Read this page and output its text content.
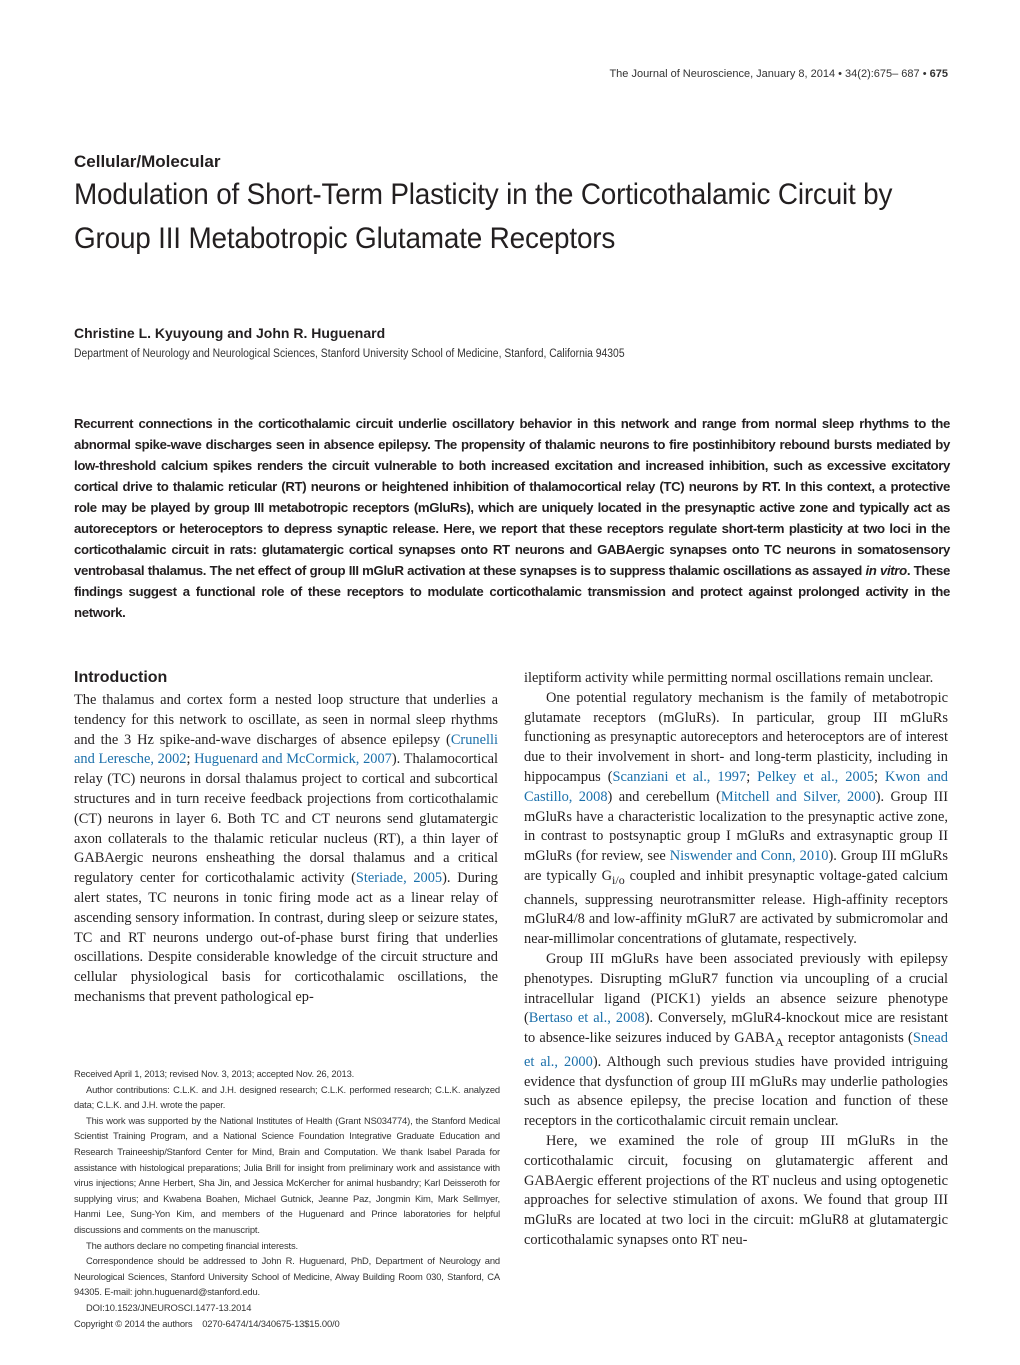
The Journal of Neuroscience, January 8, 2014 • 34(2):675– 687 • 675
Cellular/Molecular
Modulation of Short-Term Plasticity in the Corticothalamic Circuit by Group III Metabotropic Glutamate Receptors
Christine L. Kyuyoung and John R. Huguenard
Department of Neurology and Neurological Sciences, Stanford University School of Medicine, Stanford, California 94305

Recurrent connections in the corticothalamic circuit underlie oscillatory behavior in this network and range from normal sleep rhythms to the abnormal spike-wave discharges seen in absence epilepsy. The propensity of thalamic neurons to fire postinhibitory rebound bursts mediated by low-threshold calcium spikes renders the circuit vulnerable to both increased excitation and increased inhibition, such as excessive excitatory cortical drive to thalamic reticular (RT) neurons or heightened inhibition of thalamocortical relay (TC) neurons by RT. In this context, a protective role may be played by group III metabotropic receptors (mGluRs), which are uniquely located in the presynaptic active zone and typically act as autoreceptors or heteroceptors to depress synaptic release. Here, we report that these receptors regulate short-term plasticity at two loci in the corticothalamic circuit in rats: glutamatergic cortical synapses onto RT neurons and GABAergic synapses onto TC neurons in somatosensory ventrobasal thalamus. The net effect of group III mGluR activation at these synapses is to suppress thalamic oscillations as assayed in vitro. These findings suggest a functional role of these receptors to modulate corticothalamic transmission and protect against prolonged activity in the network.

Introduction

The thalamus and cortex form a nested loop structure that underlies a tendency for this network to oscillate, as seen in normal sleep rhythms and the 3 Hz spike-and-wave discharges of absence epilepsy (Crunelli and Leresche, 2002; Huguenard and McCormick, 2007). Thalamocortical relay (TC) neurons in dorsal thalamus project to cortical and subcortical structures and in turn receive feedback projections from corticothalamic (CT) neurons in layer 6. Both TC and CT neurons send glutamatergic axon collaterals to the thalamic reticular nucleus (RT), a thin layer of GABAergic neurons ensheathing the dorsal thalamus and a critical regulatory center for corticothalamic activity (Steriade, 2005). During alert states, TC neurons in tonic firing mode act as a linear relay of ascending sensory information. In contrast, during sleep or seizure states, TC and RT neurons undergo out-of-phase burst firing that underlies oscillations. Despite considerable knowledge of the circuit structure and cellular physiological basis for corticothalamic oscillations, the mechanisms that prevent pathological ep-

ileptiform activity while permitting normal oscillations remain unclear.

One potential regulatory mechanism is the family of metabotropic glutamate receptors (mGluRs). In particular, group III mGluRs functioning as presynaptic autoreceptors and heteroceptors are of interest due to their involvement in short- and long-term plasticity, including in hippocampus (Scanziani et al., 1997; Pelkey et al., 2005; Kwon and Castillo, 2008) and cerebellum (Mitchell and Silver, 2000). Group III mGluRs have a characteristic localization to the presynaptic active zone, in contrast to postsynaptic group I mGluRs and extrasynaptic group II mGluRs (for review, see Niswender and Conn, 2010). Group III mGluRs are typically $G_{i/o}$ coupled and inhibit presynaptic voltage-gated calcium channels, suppressing neurotransmitter release. High-affinity receptors mGluR4/8 and low-affinity mGluR7 are activated by submicromolar and near-millimolar concentrations of glutamate, respectively.

Group III mGluRs have been associated previously with epilepsy phenotypes. Disrupting mGluR7 function via uncoupling of a crucial intracellular ligand (PICK1) yields an absence seizure phenotype (Bertaso et al., 2008). Conversely, mGluR4-knockout mice are resistant to absence-like seizures induced by $GABA_A$ receptor antagonists (Snead et al., 2000). Although such previous studies have provided intriguing evidence that dysfunction of group III mGluRs may underlie pathologies such as absence epilepsy, the precise location and function of these receptors in the corticothalamic circuit remain unclear.

Here, we examined the role of group III mGluRs in the corticothalamic circuit, focusing on glutamatergic afferent and GABAergic efferent projections of the RT nucleus and using optogenetic approaches for selective stimulation of axons. We found that group III mGluRs are located at two loci in the circuit: mGluR8 at glutamatergic corticothalamic synapses onto RT neu-

Received April 1, 2013; revised Nov. 3, 2013; accepted Nov. 26, 2013.

Author contributions: C.L.K. and J.H. designed research; C.L.K. performed research; C.L.K. analyzed data; C.L.K. and J.H. wrote the paper.

This work was supported by the National Institutes of Health (Grant NS034774), the Stanford Medical Scientist Training Program, and a National Science Foundation Integrative Graduate Education and Research Traineeship/Stanford Center for Mind, Brain and Computation. We thank Isabel Parada for assistance with histological preparations; Julia Brill for insight from preliminary work and assistance with virus injections; Anne Herbert, Sha Jin, and Jessica McKercher for animal husbandry; Karl Deisseroth for supplying virus; and Kwabena Boahen, Michael Gutnick, Jeanne Paz, Jongmin Kim, Mark Sellmyer, Hanmi Lee, Sung-Yon Kim, and members of the Huguenard and Prince laboratories for helpful discussions and comments on the manuscript.

The authors declare no competing financial interests.

Correspondence should be addressed to John R. Huguenard, PhD, Department of Neurology and Neurological Sciences, Stanford University School of Medicine, Alway Building Room 030, Stanford, CA 94305. E-mail: john.huguenard@stanford.edu.

DOI:10.1523/JNEUROSCI.1477-13.2014

Copyright © 2014 the authors    0270-6474/14/340675-13$15.00/0
